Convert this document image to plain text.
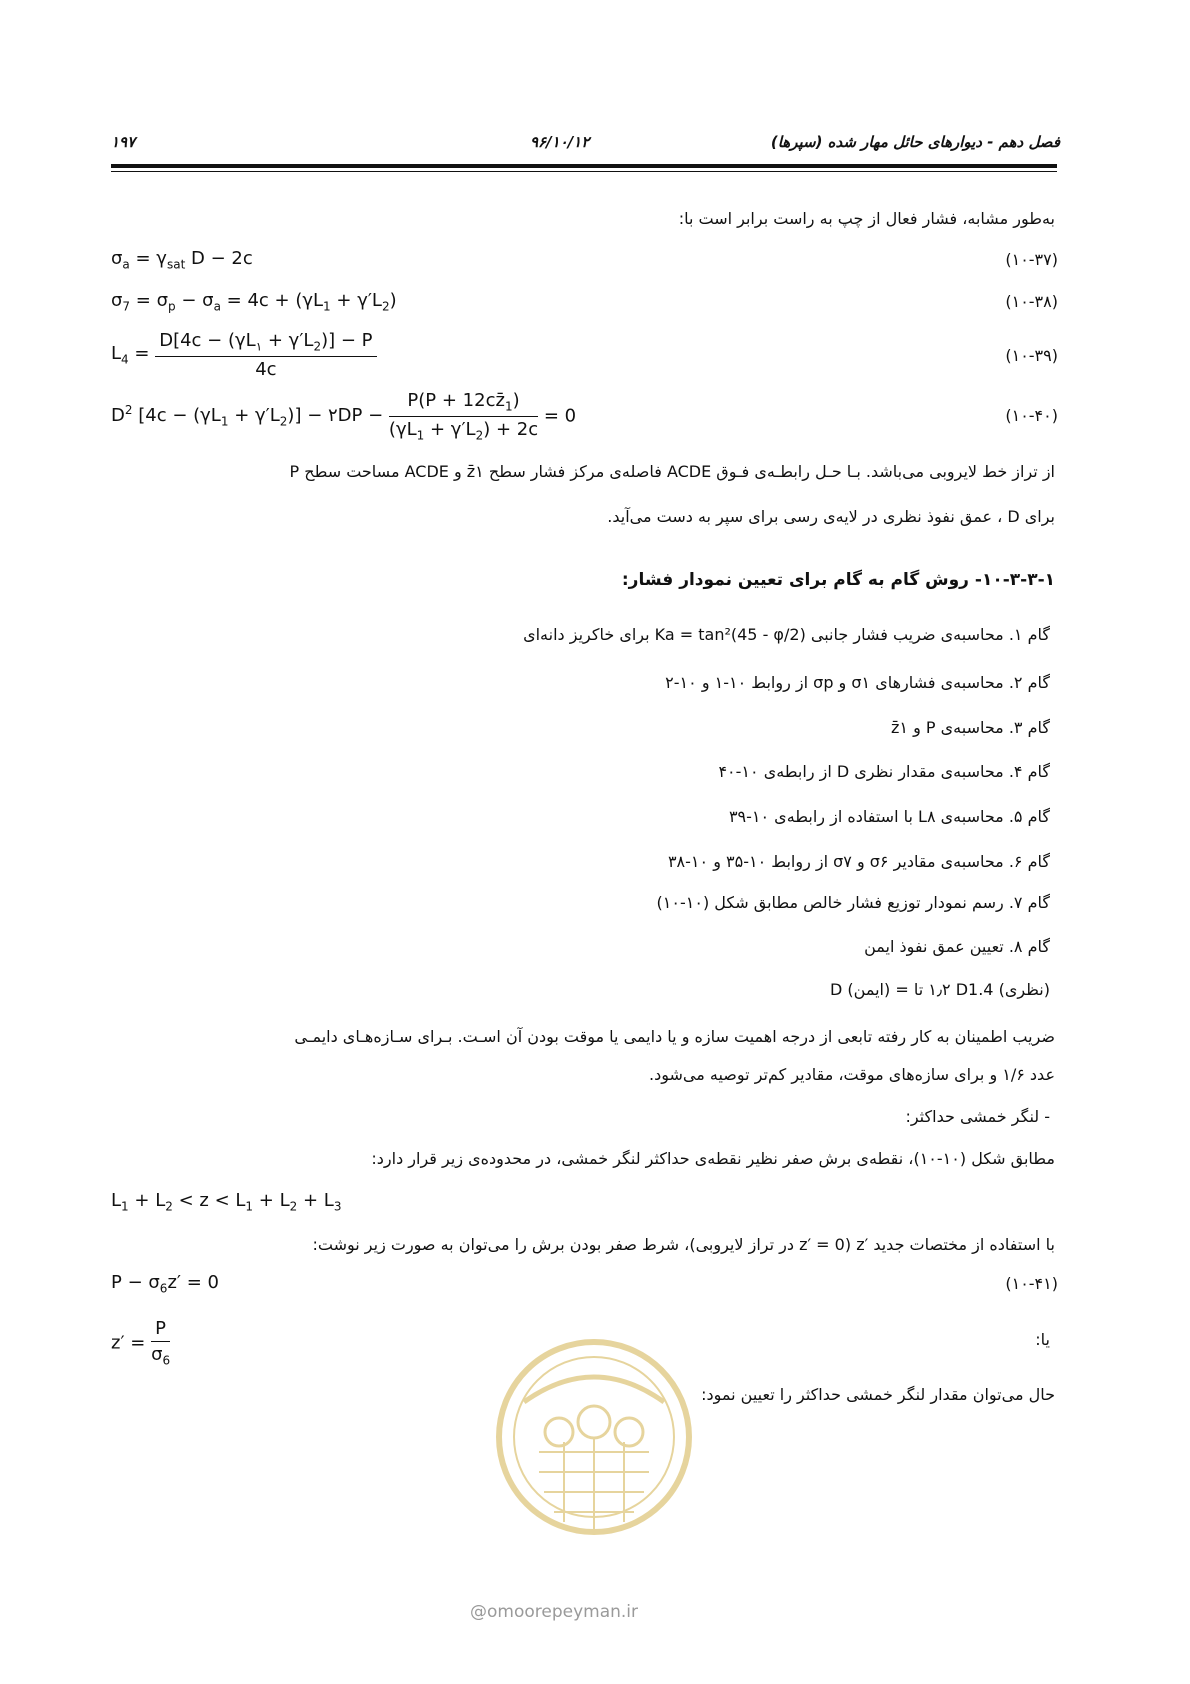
۱۹۷	۹۶/۱۰/۱۲	فصل دهم - دیوارهای حائل مهار شده (سپرها)
به‌طور مشابه، فشار فعال از چپ به راست برابر است با:
$\sigma_a = \gamma_{sat}$ D − 2c	(۱۰-۳۷)
$\sigma_7 = \sigma_p - \sigma_a = 4c + (\gamma L_1 + \gamma'L_2)$	(۱۰-۳۸)
$L_4 = \frac{D[4c - (\gamma L_۱ + \gamma'L_2)] - P}{4c}$	(۱۰-۳۹)
$D^2$ $[4c - (\gamma L_1 + \gamma'L_2)]$ − ۲DP − $\frac{P(P + 12cz̄_1)}{(\gamma L_1 + \gamma'L_2) + 2c} = 0$	(۱۰-۴۰)
P مساحت سطح ACDE و z̄۱ فاصله‌ی مرکز فشار سطح ACDE از تراز خط لایروبی می‌باشد. بـا حـل رابطـه‌ی فـوق
برای D ، عمق نفوذ نظری در لایه‌ی رسی برای سپر به دست می‌آید.
۱۰-۳-۳-۱- روش گام به گام برای تعیین نمودار فشار:
گام ۱. محاسبه‌ی ضریب فشار جانبی (Ka = tan²(45 - φ/2 برای خاکریز دانه‌ای
گام ۲. محاسبه‌ی فشارهای σ۱ و σp از روابط ۱۰-۱ و ۱۰-۲
گام ۳. محاسبه‌ی P و z̄۱
گام ۴. محاسبه‌ی مقدار نظری D از رابطه‌ی ۱۰-۴۰
گام ۵. محاسبه‌ی L۸ با استفاده از رابطه‌ی ۱۰-۳۹
گام ۶. محاسبه‌ی مقادیر σ۶ و σ۷ از روابط ۱۰-۳۵ و ۱۰-۳۸
گام ۷. رسم نمودار توزیع فشار خالص مطابق شکل (۱۰-۱۰)
گام ۸. تعیین عمق نفوذ ایمن
D (ایمن) = ۱٫۲ تا D1.4 (نظری)
ضریب اطمینان به کار رفته تابعی از درجه اهمیت سازه و یا دایمی یا موقت بودن آن اسـت. بـرای سـازه‌هـای دایمـی
عدد ۱/۶ و برای سازه‌های موقت، مقادیر کم‌تر توصیه می‌شود.
- لنگر خمشی حداکثر:
مطابق شکل (۱۰-۱۰)، نقطه‌ی برش صفر نظیر نقطه‌ی حداکثر لنگر خمشی، در محدوده‌ی زیر قرار دارد:
$L_1 + L_2 < z < L_1 + L_2 + L_3$
با استفاده از مختصات جدید ′z (z′ = 0 در تراز لایروبی)، شرط صفر بودن برش را می‌توان به صورت زیر نوشت:
$P - \sigma_6z' = 0$	(۱۰-۴۱)
$z' = \frac{P}{\sigma_6}$	یا:
حال می‌توان مقدار لنگر خمشی حداکثر را تعیین نمود:
@omoorepeyman.ir
